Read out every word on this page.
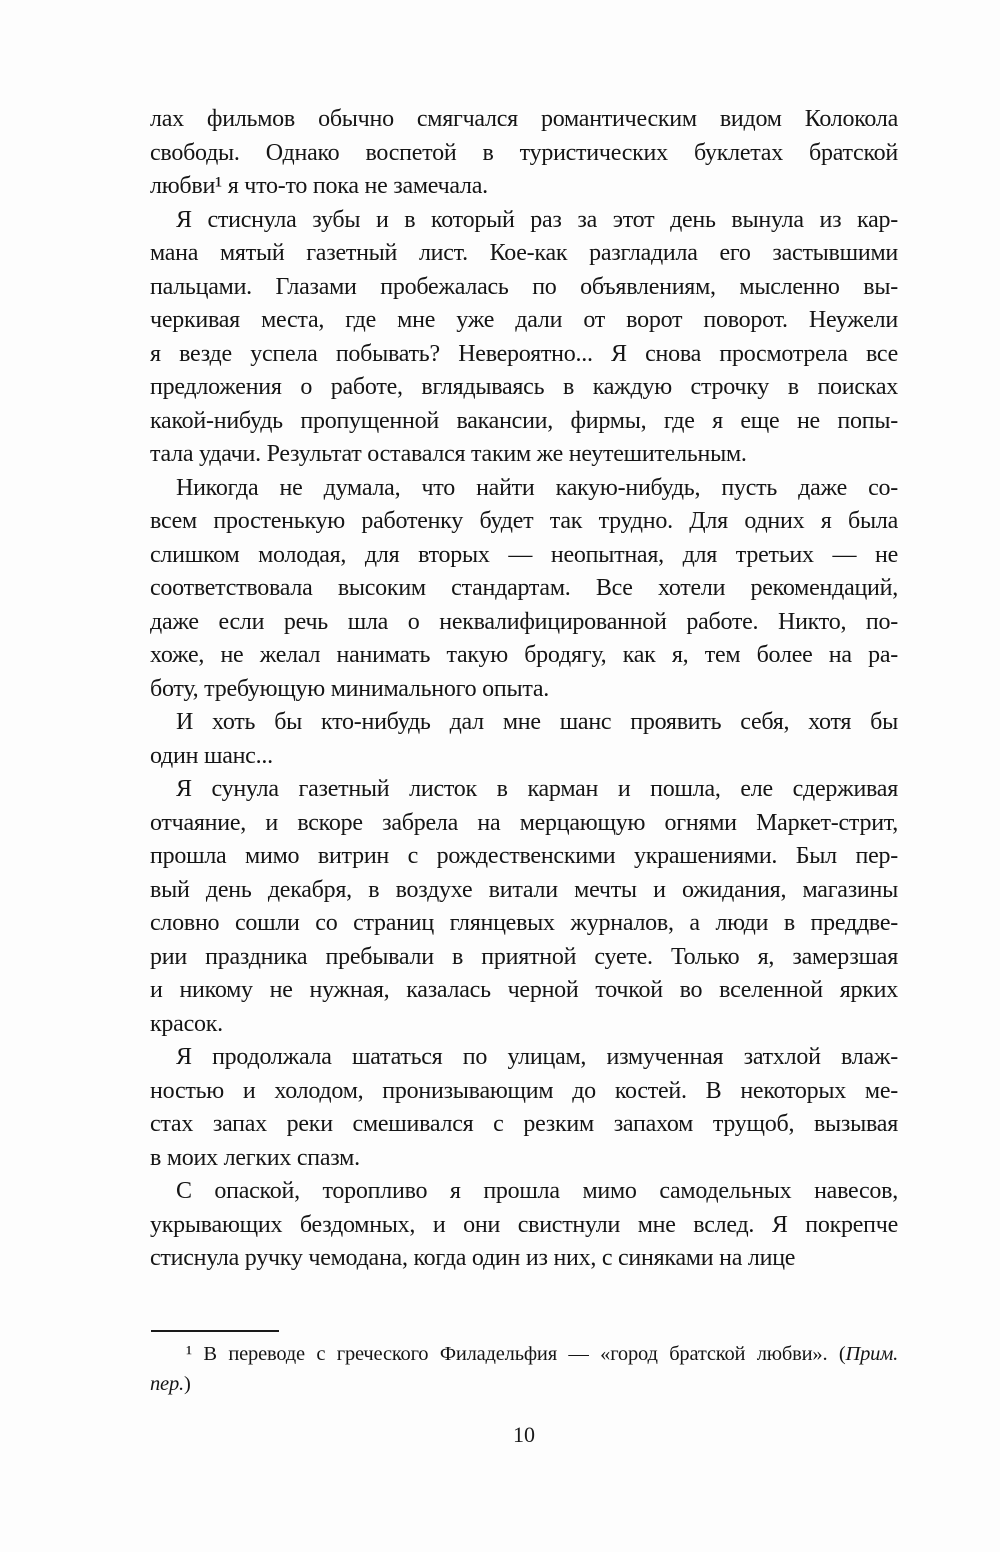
лах фильмов обычно смягчался романтическим видом Колокола
свободы. Однако воспетой в туристических буклетах братской
любви¹ я что-то пока не замечала.
Я стиснула зубы и в который раз за этот день вынула из кар-
мана мятый газетный лист. Кое-как разгладила его застывшими
пальцами. Глазами пробежалась по объявлениям, мысленно вы-
черкивая места, где мне уже дали от ворот поворот. Неужели
я везде успела побывать? Невероятно... Я снова просмотрела все
предложения о работе, вглядываясь в каждую строчку в поисках
какой-нибудь пропущенной вакансии, фирмы, где я еще не попы-
тала удачи. Результат оставался таким же неутешительным.
Никогда не думала, что найти какую-нибудь, пусть даже со-
всем простенькую работенку будет так трудно. Для одних я была
слишком молодая, для вторых — неопытная, для третьих — не
соответствовала высоким стандартам. Все хотели рекомендаций,
даже если речь шла о неквалифицированной работе. Никто, по-
хоже, не желал нанимать такую бродягу, как я, тем более на ра-
боту, требующую минимального опыта.
И хоть бы кто-нибудь дал мне шанс проявить себя, хотя бы
один шанс...
Я сунула газетный листок в карман и пошла, еле сдерживая
отчаяние, и вскоре забрела на мерцающую огнями Маркет-стрит,
прошла мимо витрин с рождественскими украшениями. Был пер-
вый день декабря, в воздухе витали мечты и ожидания, магазины
словно сошли со страниц глянцевых журналов, а люди в преддве-
рии праздника пребывали в приятной суете. Только я, замерзшая
и никому не нужная, казалась черной точкой во вселенной ярких
красок.
Я продолжала шататься по улицам, измученная затхлой влаж-
ностью и холодом, пронизывающим до костей. В некоторых ме-
стах запах реки смешивался с резким запахом трущоб, вызывая
в моих легких спазм.
С опаской, торопливо я прошла мимо самодельных навесов,
укрывающих бездомных, и они свистнули мне вслед. Я покрепче
стиснула ручку чемодана, когда один из них, с синяками на лице
¹ В переводе с греческого Филадельфия — «город братской любви». (Прим.
пер.)
10
